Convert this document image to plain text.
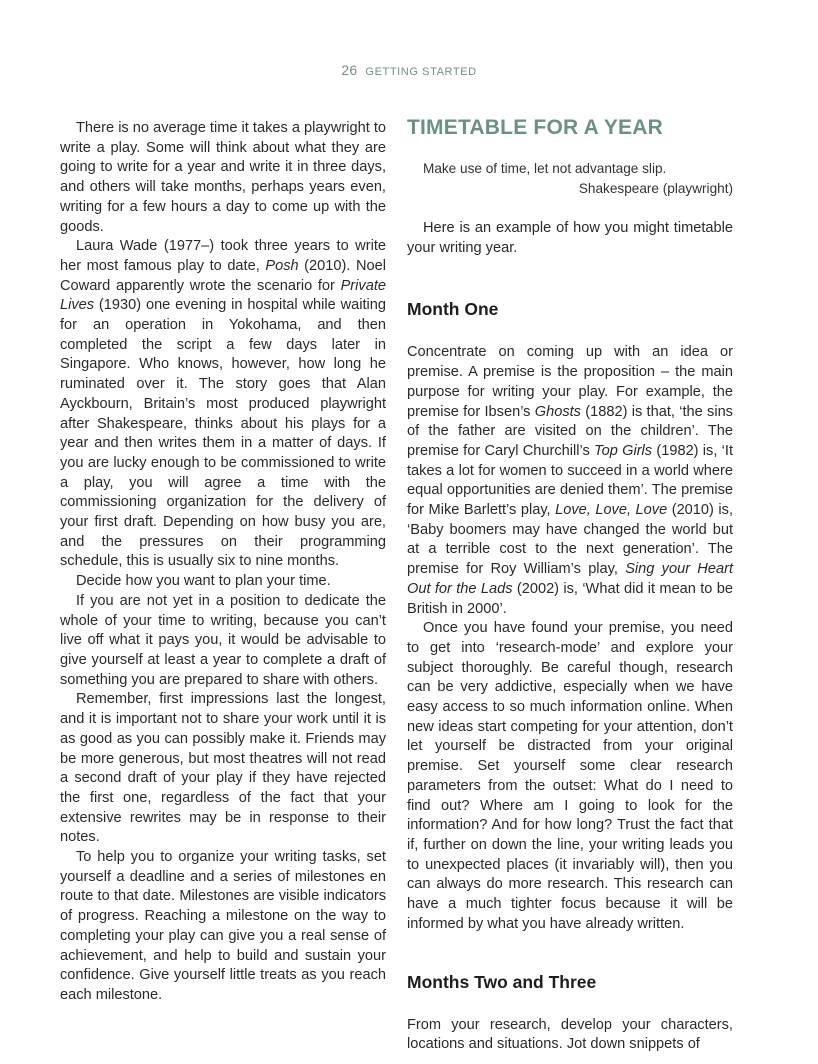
26 GETTING STARTED

There is no average time it takes a playwright to write a play. Some will think about what they are going to write for a year and write it in three days, and others will take months, perhaps years even, writing for a few hours a day to come up with the goods.

Laura Wade (1977–) took three years to write her most famous play to date, Posh (2010). Noel Coward apparently wrote the scenario for Private Lives (1930) one evening in hospital while waiting for an operation in Yokohama, and then completed the script a few days later in Singapore. Who knows, however, how long he ruminated over it. The story goes that Alan Ayckbourn, Britain’s most produced playwright after Shakespeare, thinks about his plays for a year and then writes them in a matter of days. If you are lucky enough to be commissioned to write a play, you will agree a time with the commissioning organization for the delivery of your first draft. Depending on how busy you are, and the pressures on their programming schedule, this is usually six to nine months.

Decide how you want to plan your time.

If you are not yet in a position to dedicate the whole of your time to writing, because you can’t live off what it pays you, it would be advisable to give yourself at least a year to complete a draft of something you are prepared to share with others.

Remember, first impressions last the longest, and it is important not to share your work until it is as good as you can possibly make it. Friends may be more generous, but most theatres will not read a second draft of your play if they have rejected the first one, regardless of the fact that your extensive rewrites may be in response to their notes.

To help you to organize your writing tasks, set yourself a deadline and a series of milestones en route to that date. Milestones are visible indicators of progress. Reaching a milestone on the way to completing your play can give you a real sense of achievement, and help to build and sustain your confidence. Give yourself little treats as you reach each milestone.

TIMETABLE FOR A YEAR
Make use of time, let not advantage slip.
Shakespeare (playwright)

Here is an example of how you might timetable your writing year.

Month One

Concentrate on coming up with an idea or premise. A premise is the proposition – the main purpose for writing your play. For example, the premise for Ibsen’s Ghosts (1882) is that, ‘the sins of the father are visited on the children’. The premise for Caryl Churchill’s Top Girls (1982) is, ‘It takes a lot for women to succeed in a world where equal opportunities are denied them’. The premise for Mike Barlett’s play, Love, Love, Love (2010) is, ‘Baby boomers may have changed the world but at a terrible cost to the next generation’. The premise for Roy William’s play, Sing your Heart Out for the Lads (2002) is, ‘What did it mean to be British in 2000’.

Once you have found your premise, you need to get into ‘research-mode’ and explore your subject thoroughly. Be careful though, research can be very addictive, especially when we have easy access to so much information online. When new ideas start competing for your attention, don’t let yourself be distracted from your original premise. Set yourself some clear research parameters from the outset: What do I need to find out? Where am I going to look for the information? And for how long? Trust the fact that if, further on down the line, your writing leads you to unexpected places (it invariably will), then you can always do more research. This research can have a much tighter focus because it will be informed by what you have already written.

Months Two and Three

From your research, develop your characters, locations and situations. Jot down snippets of
